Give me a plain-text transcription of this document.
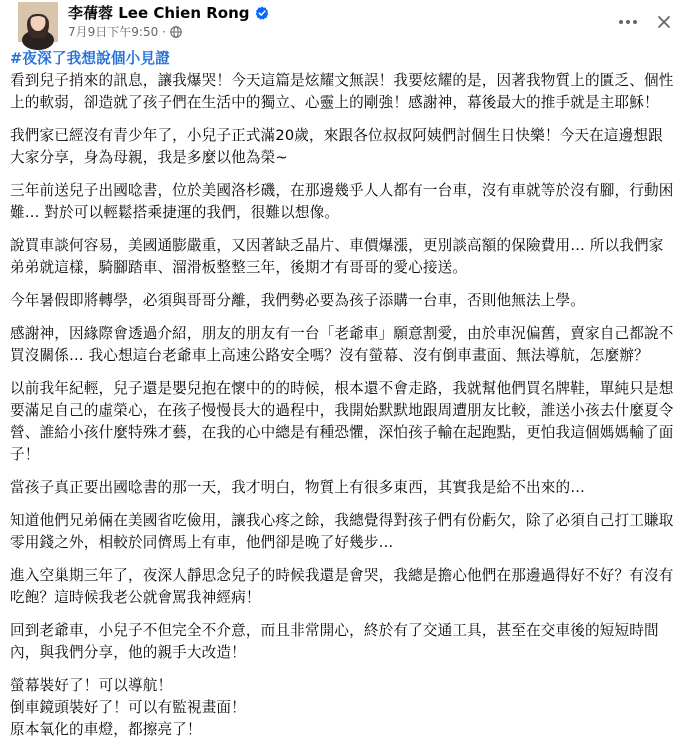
李蒨蓉 Lee Chien Rong
7月9日下午9:50 ·
#夜深了我想說個小見證
看到兒子捎來的訊息，讓我爆哭！今天這篇是炫耀文無誤！我要炫耀的是，因著我物質上的匱乏、個性
上的軟弱，卻造就了孩子們在生活中的獨立、心靈上的剛強！感謝神，幕後最大的推手就是主耶穌！
我們家已經沒有青少年了，小兒子正式滿20歲，來跟各位叔叔阿姨們討個生日快樂！今天在這邊想跟
大家分享，身為母親，我是多麼以他為榮~
三年前送兒子出國唸書，位於美國洛杉磯，在那邊幾乎人人都有一台車，沒有車就等於沒有腳，行動困
難… 對於可以輕鬆搭乘捷運的我們，很難以想像。
說買車談何容易，美國通膨嚴重，又因著缺乏晶片、車價爆漲，更別談高額的保險費用… 所以我們家
弟弟就這樣，騎腳踏車、溜滑板整整三年，後期才有哥哥的愛心接送。
今年暑假即將轉學，必須與哥哥分離，我們勢必要為孩子添購一台車，否則他無法上學。
感謝神，因緣際會透過介紹，朋友的朋友有一台「老爺車」願意割愛，由於車況偏舊，賣家自己都說不
買沒關係… 我心想這台老爺車上高速公路安全嗎？沒有螢幕、沒有倒車畫面、無法導航，怎麼辦？
以前我年紀輕，兒子還是嬰兒抱在懷中的的時候，根本還不會走路，我就幫他們買名牌鞋，單純只是想
要滿足自己的虛榮心，在孩子慢慢長大的過程中，我開始默默地跟周遭朋友比較，誰送小孩去什麼夏令
營、誰給小孩什麼特殊才藝，在我的心中總是有種恐懼，深怕孩子輸在起跑點，更怕我這個媽媽輸了面
子！
當孩子真正要出國唸書的那一天，我才明白，物質上有很多東西，其實我是給不出來的…
知道他們兄弟倆在美國省吃儉用，讓我心疼之餘，我總覺得對孩子們有份虧欠，除了必須自己打工賺取
零用錢之外，相較於同儕馬上有車，他們卻是晚了好幾步…
進入空巢期三年了，夜深人靜思念兒子的時候我還是會哭，我總是擔心他們在那邊過得好不好？有沒有
吃飽？這時候我老公就會罵我神經病！
回到老爺車，小兒子不但完全不介意，而且非常開心，終於有了交通工具，甚至在交車後的短短時間
內，與我們分享，他的親手大改造！
螢幕裝好了！可以導航！
倒車鏡頭裝好了！可以有監視畫面！
原本氧化的車燈，都擦亮了！
